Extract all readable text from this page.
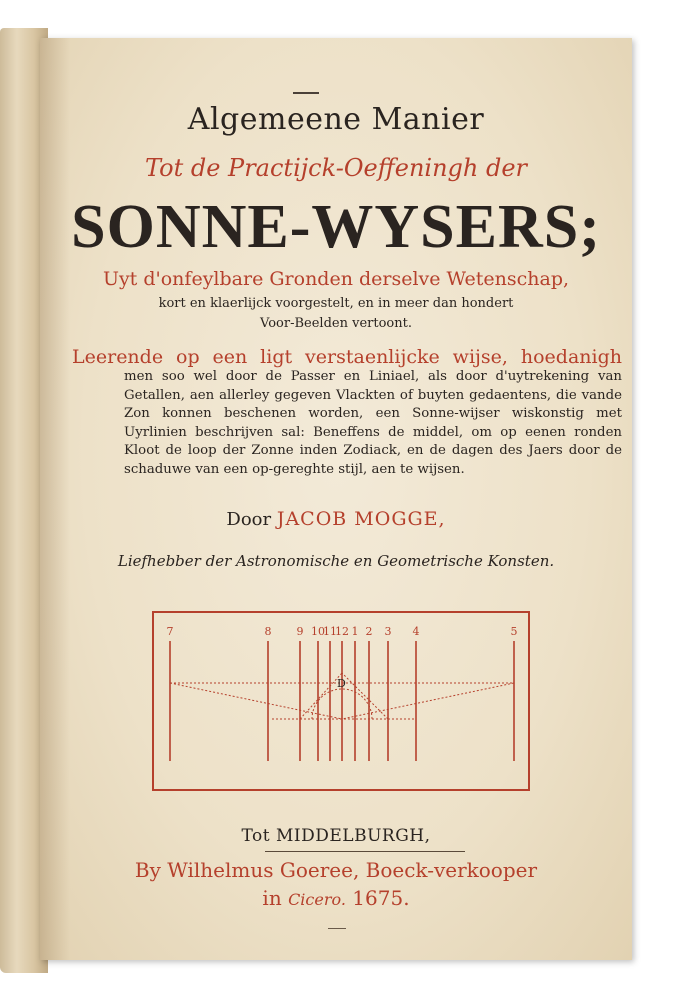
Algemeene Manier
Tot de Practijck-Oeffeningh der
SONNE-WYSERS;
Uyt d'onfeylbare Gronden derselve Wetenschap,
kort en klaerlijck voorgestelt, en in meer dan hondert
Voor-Beelden vertoont.
Leerende op een ligt verstaenlijcke wijse, hoedanigh
men soo wel door de Passer en Liniael, als door d'uytrekening van Getallen, aen allerley gegeven Vlackten of buyten gedaentens, die vande Zon konnen beschenen worden, een Sonne-wijser wiskonstig met Uyrlinien beschrijven sal: Beneffens de middel, om op eenen ronden Kloot de loop der Zonne inden Zodiack, en de dagen des Jaers door de schaduwe van een op-gereghte stijl, aen te wijsen.
Door JACOB MOGGE,
Liefhebber der Astronomische en Geometrische Konsten.
7	8 9 10
11
12 1 2 3 4	5
D
Tot MIDDELBURGH,
By Wilhelmus Goeree, Boeck-verkooper
in Cicero. 1675.
